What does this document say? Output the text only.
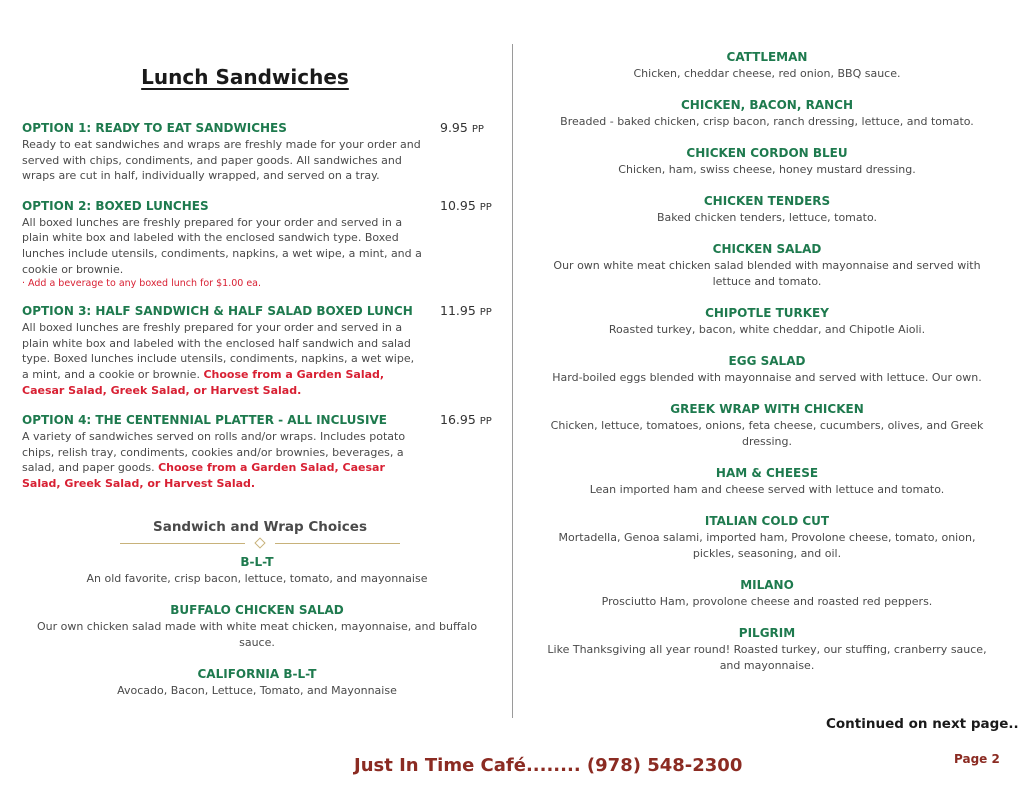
Lunch Sandwiches
OPTION 1: READY TO EAT SANDWICHES	9.95 PP
Ready to eat sandwiches and wraps are freshly made for your order and served with chips, condiments, and paper goods. All sandwiches and wraps are cut in half, individually wrapped, and served on a tray.
OPTION 2: BOXED LUNCHES	10.95 PP
All boxed lunches are freshly prepared for your order and served in a plain white box and labeled with the enclosed sandwich type. Boxed lunches include utensils, condiments, napkins, a wet wipe, a mint, and a cookie or brownie.
· Add a beverage to any boxed lunch for $1.00 ea.
OPTION 3: HALF SANDWICH & HALF SALAD BOXED LUNCH 11.95 PP
All boxed lunches are freshly prepared for your order and served in a plain white box and labeled with the enclosed half sandwich and salad type. Boxed lunches include utensils, condiments, napkins, a wet wipe, a mint, and a cookie or brownie. Choose from a Garden Salad, Caesar Salad, Greek Salad, or Harvest Salad.
OPTION 4: THE CENTENNIAL PLATTER - ALL INCLUSIVE	16.95 PP
A variety of sandwiches served on rolls and/or wraps. Includes potato chips, relish tray, condiments, cookies and/or brownies, beverages, a salad, and paper goods. Choose from a Garden Salad, Caesar Salad, Greek Salad, or Harvest Salad.
Sandwich and Wrap Choices
B-L-T
An old favorite, crisp bacon, lettuce, tomato, and mayonnaise
BUFFALO CHICKEN SALAD
Our own chicken salad made with white meat chicken, mayonnaise, and buffalo sauce.
CALIFORNIA B-L-T
Avocado, Bacon, Lettuce, Tomato, and Mayonnaise
CATTLEMAN
Chicken, cheddar cheese, red onion, BBQ sauce.
CHICKEN, BACON, RANCH
Breaded - baked chicken, crisp bacon, ranch dressing, lettuce, and tomato.
CHICKEN CORDON BLEU
Chicken, ham, swiss cheese, honey mustard dressing.
CHICKEN TENDERS
Baked chicken tenders, lettuce, tomato.
CHICKEN SALAD
Our own white meat chicken salad blended with mayonnaise and served with lettuce and tomato.
CHIPOTLE TURKEY
Roasted turkey, bacon, white cheddar, and Chipotle Aioli.
EGG SALAD
Hard-boiled eggs blended with mayonnaise and served with lettuce. Our own.
GREEK WRAP WITH CHICKEN
Chicken, lettuce, tomatoes, onions, feta cheese, cucumbers, olives, and Greek dressing.
HAM & CHEESE
Lean imported ham and cheese served with lettuce and tomato.
ITALIAN COLD CUT
Mortadella, Genoa salami, imported ham, Provolone cheese, tomato, onion, pickles, seasoning, and oil.
MILANO
Prosciutto Ham, provolone cheese and roasted red peppers.
PILGRIM
Like Thanksgiving all year round! Roasted turkey, our stuffing, cranberry sauce, and mayonnaise.
Continued on next page..
Just In Time Café........ (978) 548-2300	Page 2
